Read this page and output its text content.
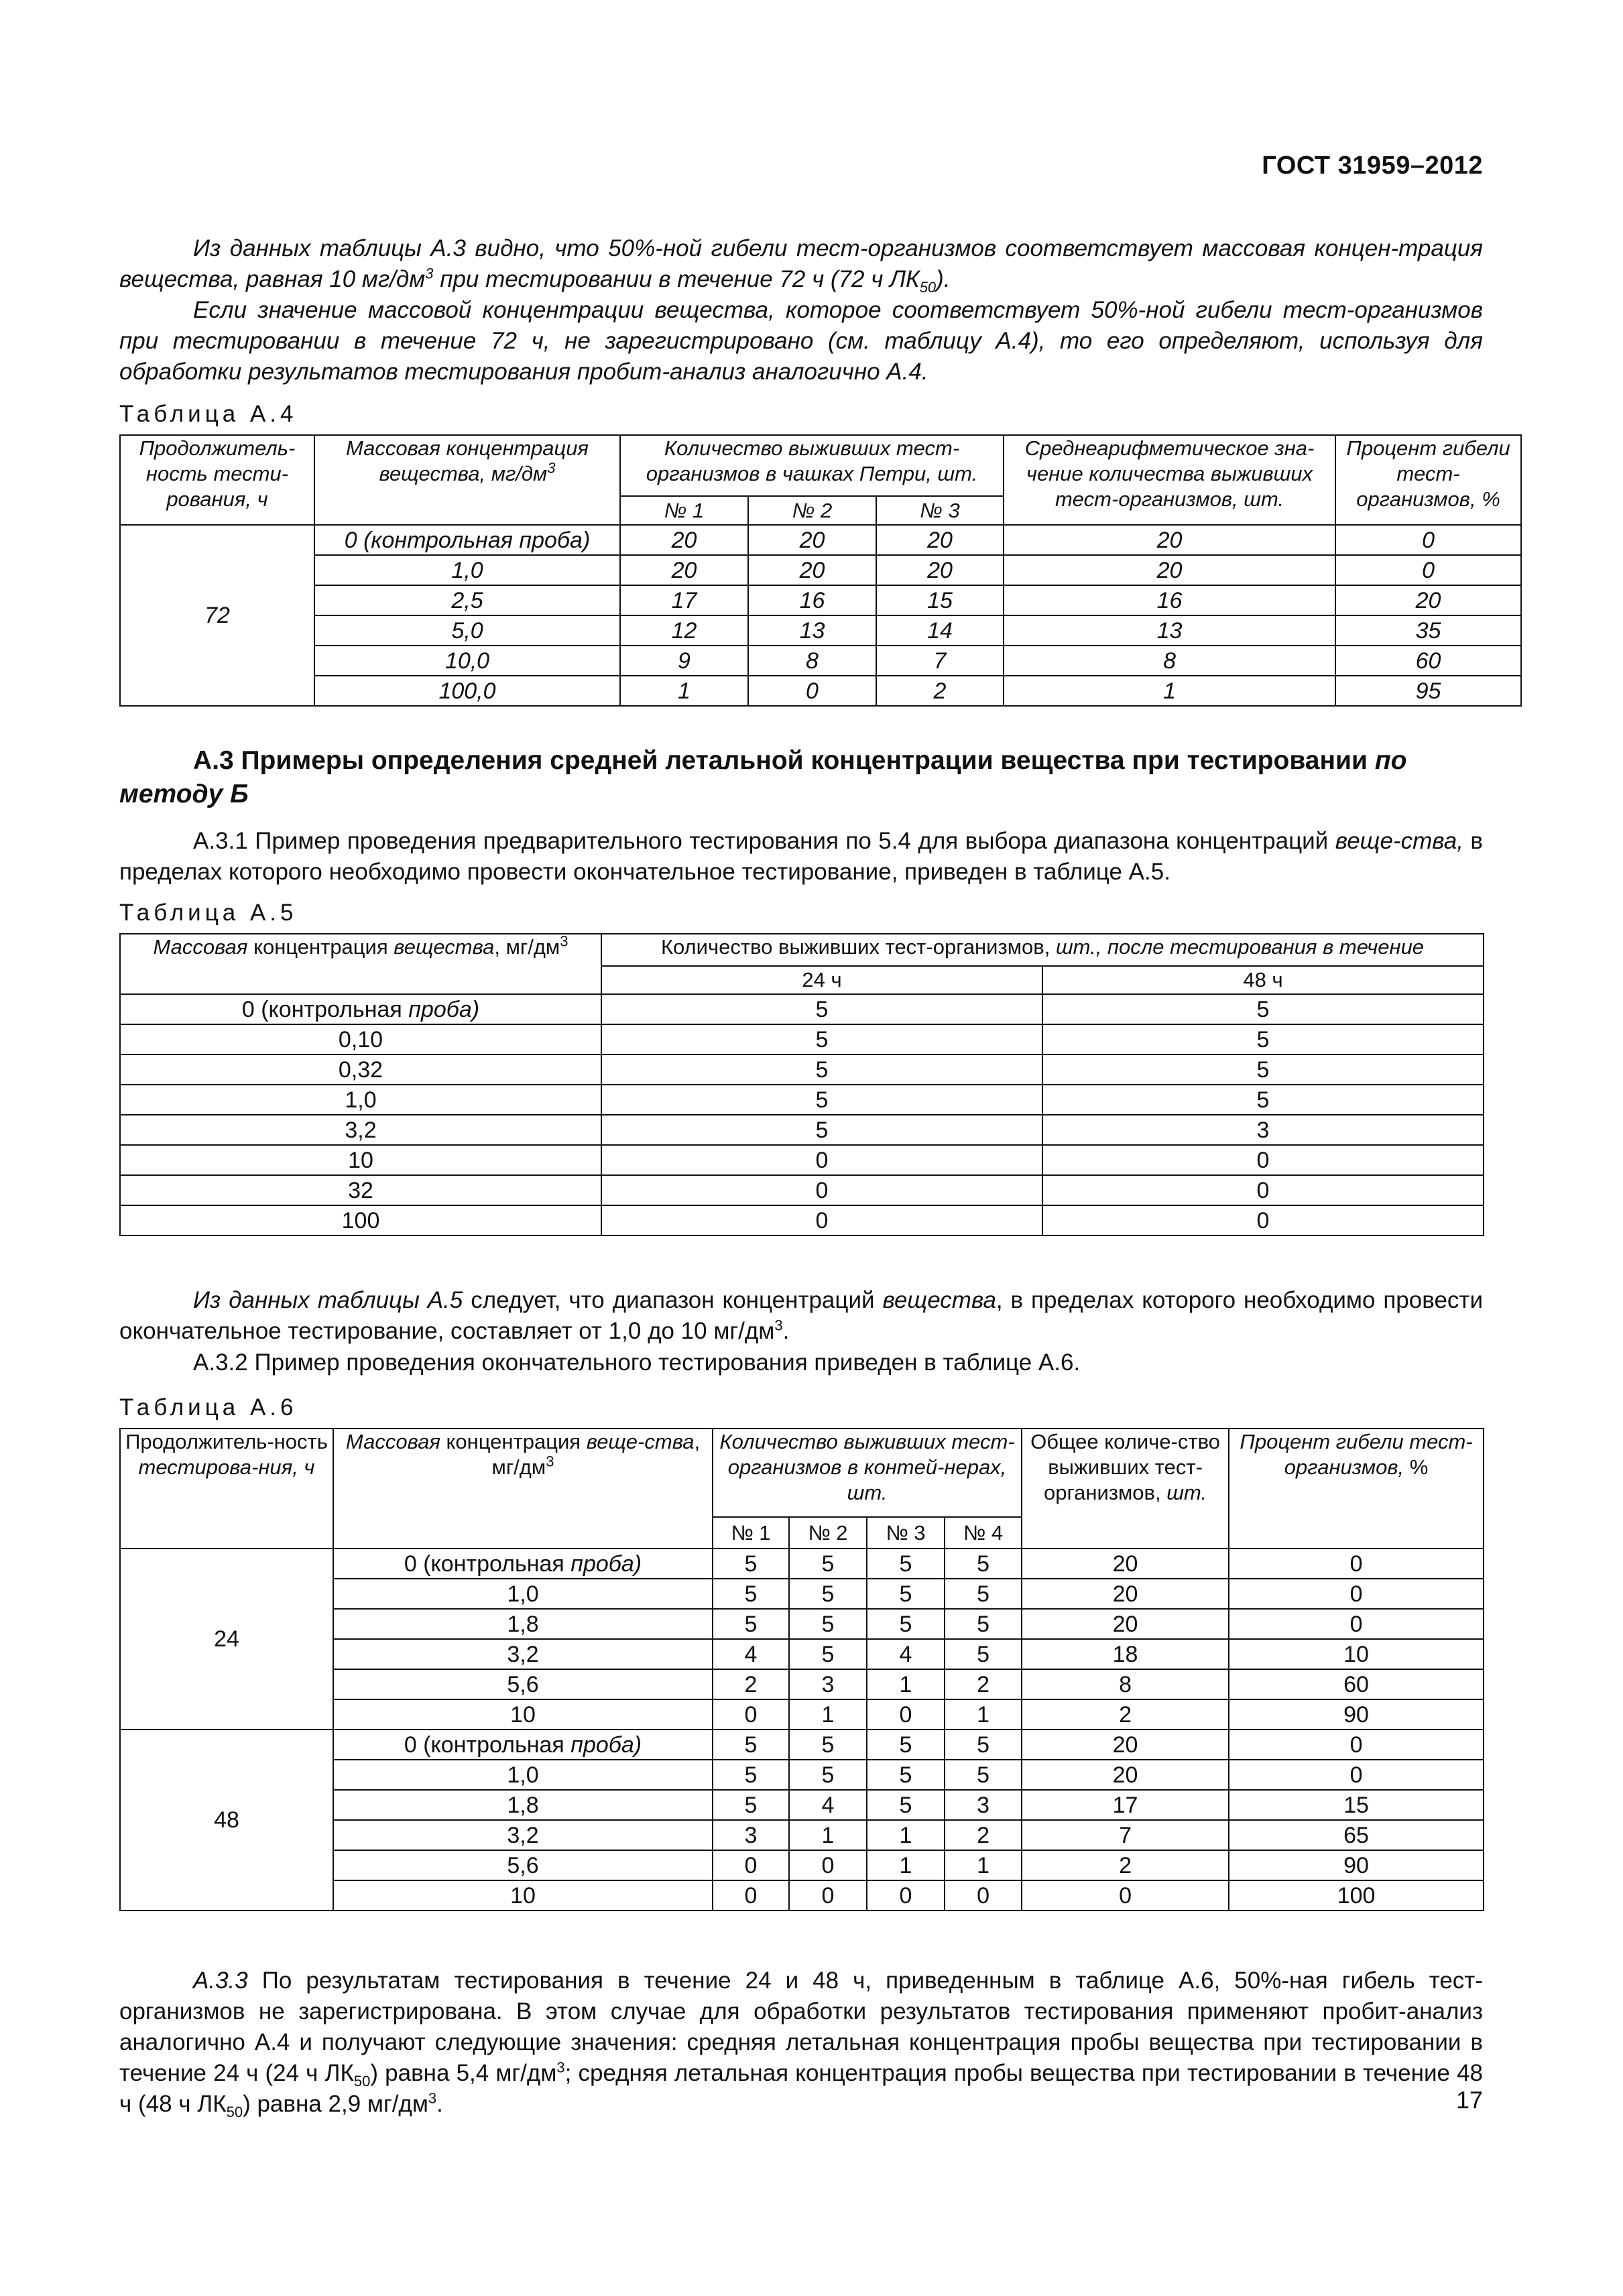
ГОСТ 31959–2012
Из данных таблицы А.3 видно, что 50%-ной гибели тест-организмов соответствует массовая концен-трация вещества, равная 10 $мг/дм^3$ при тестировании в течение 72 ч (72 ч $ЛК_{50}$).
Если значение массовой концентрации вещества, которое соответствует 50%-ной гибели тест-организмов при тестировании в течение 72 ч, не зарегистрировано (см. таблицу А.4), то его определяют, используя для обработки результатов тестирования пробит-анализ аналогично А.4.
Таблица А.4
Продолжитель-ность тести-рования, ч	Массовая концентрация вещества, $мг/дм^3$	Количество выживших тест-организмов в чашках Петри, шт.			Среднеарифметическое зна-чение количества выживших тест-организмов, шт.	Процент гибели тест-организмов, %
		№ 1	№ 2	№ 3		
72	0 (контрольная проба)	20	20	20	20	0
	1,0	20	20	20	20	0
	2,5	17	16	15	16	20
	5,0	12	13	14	13	35
	10,0	9	8	7	8	60
	100,0	1	0	2	1	95
А.3 Примеры определения средней летальной концентрации вещества при тестировании по методу Б
А.3.1 Пример проведения предварительного тестирования по 5.4 для выбора диапазона концентраций веще-ства, в пределах которого необходимо провести окончательное тестирование, приведен в таблице А.5.
Таблица А.5
Массовая концентрация вещества, $мг/дм^3$	Количество выживших тест-организмов, шт., после тестирования в течение	
	24 ч	48 ч
0 (контрольная проба)	5	5
0,10	5	5
0,32	5	5
1,0	5	5
3,2	5	3
10	0	0
32	0	0
100	0	0
Из данных таблицы А.5 следует, что диапазон концентраций вещества, в пределах которого необходимо провести окончательное тестирование, составляет от 1,0 до 10 $мг/дм^3$.
А.3.2 Пример проведения окончательного тестирования приведен в таблице А.6.
Таблица А.6
Продолжитель-ность тестирова-ния, ч	Массовая концентрация веще-ства, $мг/дм^3$	Количество выживших тест-организмов в контей-нерах, шт.				Общее количе-ство выживших тест-организмов, шт.	Процент гибели тест-организмов, %
		№ 1	№ 2	№ 3	№ 4		
24	0 (контрольная проба)	5	5	5	5	20	0
	1,0	5	5	5	5	20	0
	1,8	5	5	5	5	20	0
	3,2	4	5	4	5	18	10
	5,6	2	3	1	2	8	60
	10	0	1	0	1	2	90
48	0 (контрольная проба)	5	5	5	5	20	0
	1,0	5	5	5	5	20	0
	1,8	5	4	5	3	17	15
	3,2	3	1	1	2	7	65
	5,6	0	0	1	1	2	90
	10	0	0	0	0	0	100
А.3.3 По результатам тестирования в течение 24 и 48 ч, приведенным в таблице А.6, 50%-ная гибель тест-организмов не зарегистрирована. В этом случае для обработки результатов тестирования применяют пробит-анализ аналогично А.4 и получают следующие значения: средняя летальная концентрация пробы вещества при тестировании в течение 24 ч (24 ч $ЛК_{50}$) равна 5,4 $мг/дм^3$; средняя летальная концентрация пробы вещества при тестировании в течение 48 ч (48 ч $ЛК_{50}$) равна 2,9 $мг/дм^3$.	17
